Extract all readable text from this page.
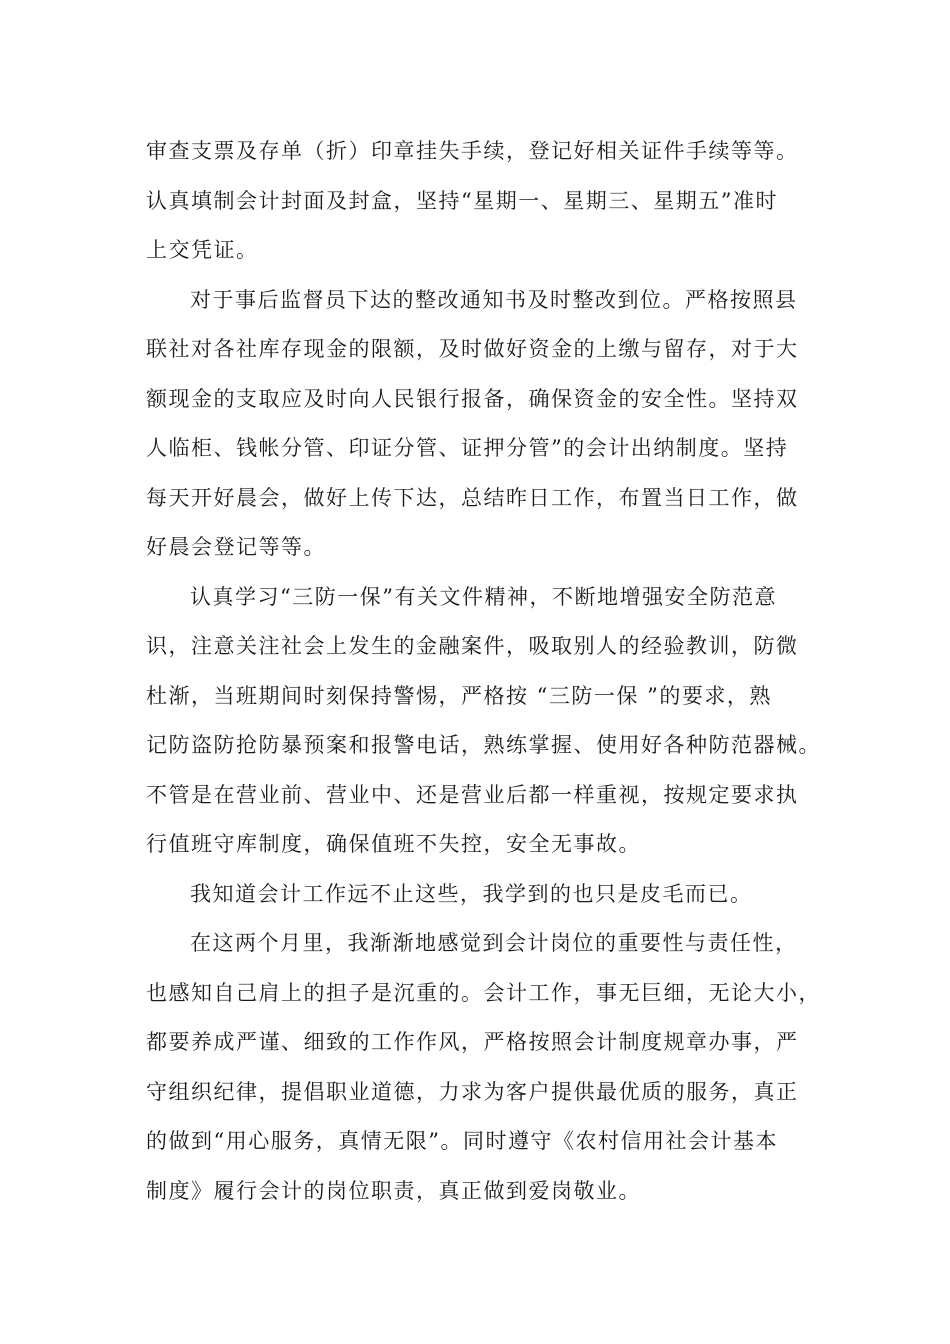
审查支票及存单（折）印章挂失手续，登记好相关证件手续等等。
认真填制会计封面及封盒，坚持“星期一、星期三、星期五”准时
上交凭证。
对于事后监督员下达的整改通知书及时整改到位。严格按照县
联社对各社库存现金的限额，及时做好资金的上缴与留存，对于大
额现金的支取应及时向人民银行报备，确保资金的安全性。坚持双
人临柜、钱帐分管、印证分管、证押分管”的会计出纳制度。坚持
每天开好晨会，做好上传下达，总结昨日工作，布置当日工作，做
好晨会登记等等。
认真学习“三防一保”有关文件精神，不断地增强安全防范意
识，注意关注社会上发生的金融案件，吸取别人的经验教训，防微
杜渐，当班期间时刻保持警惕，严格按 “三防一保 ”的要求，熟
记防盗防抢防暴预案和报警电话，熟练掌握、使用好各种防范器械。
不管是在营业前、营业中、还是营业后都一样重视，按规定要求执
行值班守库制度，确保值班不失控，安全无事故。
我知道会计工作远不止这些，我学到的也只是皮毛而已。
在这两个月里，我渐渐地感觉到会计岗位的重要性与责任性，
也感知自己肩上的担子是沉重的。会计工作，事无巨细，无论大小，
都要养成严谨、细致的工作作风，严格按照会计制度规章办事，严
守组织纪律，提倡职业道德，力求为客户提供最优质的服务，真正
的做到“用心服务，真情无限”。同时遵守《农村信用社会计基本
制度》履行会计的岗位职责，真正做到爱岗敬业。
